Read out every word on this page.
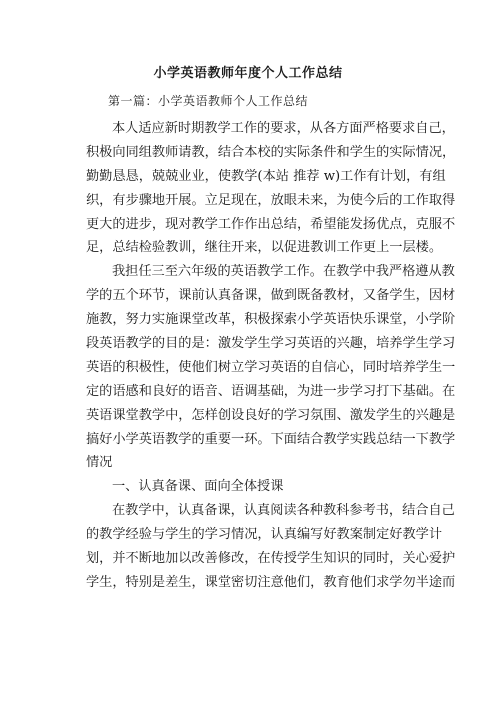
小学英语教师年度个人工作总结
第一篇：小学英语教师个人工作总结
本人适应新时期教学工作的要求，从各方面严格要求自己，
积极向同组教师请教，结合本校的实际条件和学生的实际情况，
勤勤恳恳，兢兢业业，使教学(本站 推荐 w)工作有计划，有组
织，有步骤地开展。立足现在，放眼未来，为使今后的工作取得
更大的进步，现对教学工作作出总结，希望能发扬优点，克服不
足，总结检验教训，继往开来，以促进教训工作更上一层楼。
我担任三至六年级的英语教学工作。在教学中我严格遵从教
学的五个环节，课前认真备课，做到既备教材，又备学生，因材
施教，努力实施课堂改革，积极探索小学英语快乐课堂，小学阶
段英语教学的目的是：激发学生学习英语的兴趣，培养学生学习
英语的积极性，使他们树立学习英语的自信心，同时培养学生一
定的语感和良好的语音、语调基础，为进一步学习打下基础。在
英语课堂教学中，怎样创设良好的学习氛围、激发学生的兴趣是
搞好小学英语教学的重要一环。下面结合教学实践总结一下教学
情况
一、认真备课、面向全体授课
在教学中，认真备课，认真阅读各种教科参考书，结合自己
的教学经验与学生的学习情况，认真编写好教案制定好教学计
划，并不断地加以改善修改，在传授学生知识的同时，关心爱护
学生，特别是差生，课堂密切注意他们，教育他们求学勿半途而
